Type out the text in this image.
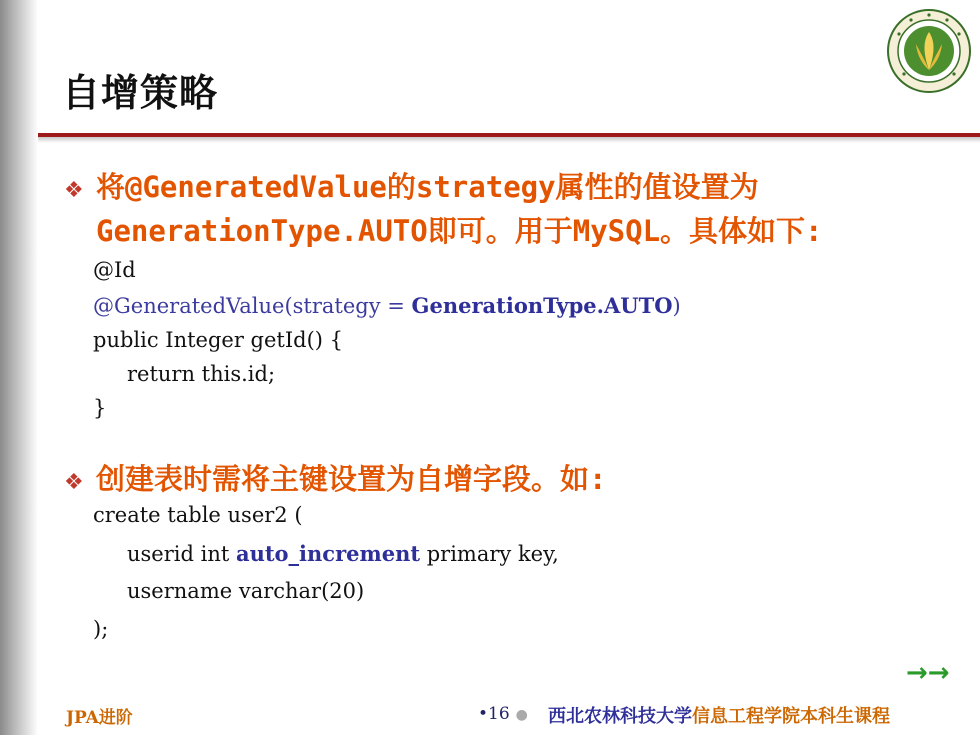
自增策略
❖ 将@GeneratedValue的strategy属性的值设置为
GenerationType.AUTO即可。用于MySQL。具体如下:
@Id
@GeneratedValue(strategy = GenerationType.AUTO)
public Integer getId() {
return this.id;
}
❖ 创建表时需将主键设置为自增字段。如:
create table user2 (
userid int auto_increment primary key,
username varchar(20)
);
→→
JPA进阶	•16 ● 西北农林科技大学信息工程学院本科生课程
